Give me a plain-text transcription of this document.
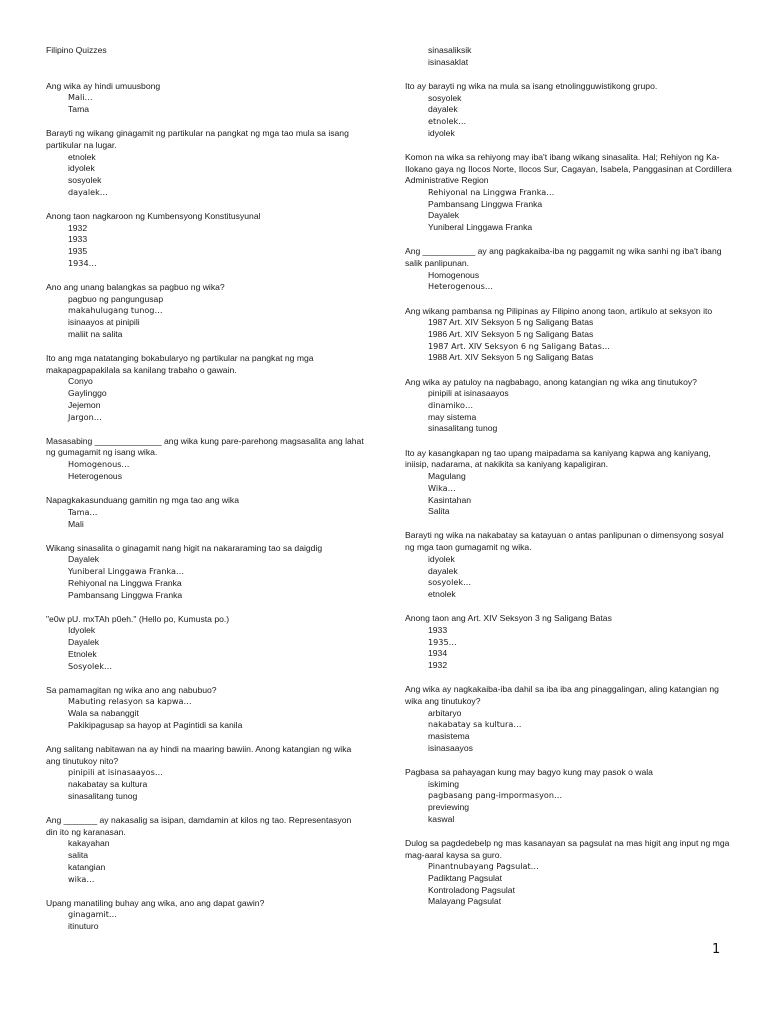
Filipino Quizzes
Ang wika ay hindi umuusbong
Mali…
Tama
Barayti ng wikang ginagamit ng partikular na pangkat ng mga tao mula sa isang partikular na lugar.
etnolek
idyolek
sosyolek
dayalek…
Anong taon nagkaroon ng Kumbensyong Konstitusyunal
1932
1933
1935
1934…
Ano ang unang balangkas sa pagbuo ng wika?
pagbuo ng pangungusap
makahulugang tunog…
isinaayos at pinipili
maliit na salita
Ito ang mga natatanging bokabularyo ng partikular na pangkat ng mga makapagpapakilala sa kanilang trabaho o gawain.
Conyo
Gaylinggo
Jejemon
Jargon…
Masasabing ______________ ang wika kung pare-parehong magsasalita ang lahat ng gumagamit ng isang wika.
Homogenous…
Heterogenous
Napagkakasunduang gamitin ng mga tao ang wika
Tama…
Mali
Wikang sinasalita o ginagamit nang higit na nakararaming tao sa daigdig
Dayalek
Yuniberal Linggawa Franka…
Rehiyonal na Linggwa Franka
Pambansang Linggwa Franka
"e0w pU. mxTAh p0eh." (Hello po, Kumusta po.)
Idyolek
Dayalek
Etnolek
Sosyolek…
Sa pamamagitan ng wika ano ang nabubuo?
Mabuting relasyon sa kapwa…
Wala sa nabanggit
Pakikipagusap sa hayop at Pagintidi sa kanila
Ang salitang nabitawan na ay hindi na maaring bawiin. Anong katangian ng wika ang tinutukoy nito?
pinipili at isinasaayos…
nakabatay sa kultura
sinasalitang tunog
Ang _______ ay nakasalig sa isipan, damdamin at kilos ng tao. Representasyon din ito ng karanasan.
kakayahan
salita
katangian
wika…
Upang manatiling buhay ang wika, ano ang dapat gawin?
ginagamit…
itinuturo
sinasaliksik
isinasaklat
Ito ay barayti ng wika na mula sa isang etnolingguwistikong grupo.
sosyolek
dayalek
etnolek…
idyolek
Komon na wika sa rehiyong may iba't ibang wikang sinasalita. Hal; Rehiyon ng Ka-Ilokano gaya ng Ilocos Norte, Ilocos Sur, Cagayan, Isabela, Panggasinan at Cordillera Administrative Region
Rehiyonal na Linggwa Franka…
Pambansang Linggwa Franka
Dayalek
Yuniberal Linggawa Franka
Ang ___________ ay ang pagkakaiba-iba ng paggamit ng wika sanhi ng iba't ibang salik panlipunan.
Homogenous
Heterogenous…
Ang wikang pambansa ng Pilipinas ay Filipino anong taon, artikulo at seksyon ito
1987 Art. XIV Seksyon 5 ng Saligang Batas
1986 Art. XIV Seksyon 5 ng Saligang Batas
1987 Art. XIV Seksyon 6 ng Saligang Batas…
1988 Art. XIV Seksyon 5 ng Saligang Batas
Ang wika ay patuloy na nagbabago, anong katangian ng wika ang tinutukoy?
pinipili at isinasaayos
dinamiko…
may sistema
sinasalitang tunog
Ito ay kasangkapan ng tao upang maipadama sa kaniyang kapwa ang kaniyang, iniisip, nadarama, at nakikita sa kaniyang kapaligiran.
Magulang
Wika…
Kasintahan
Salita
Barayti ng wika na nakabatay sa katayuan o antas panlipunan o dimensyong sosyal ng mga taon gumagamit ng wika.
idyolek
dayalek
sosyolek…
etnolek
Anong taon ang Art. XIV Seksyon 3 ng Saligang Batas
1933
1935…
1934
1932
Ang wika ay nagkakaiba-iba dahil sa iba iba ang pinaggalingan, aling katangian ng wika ang tinutukoy?
arbitaryo
nakabatay sa kultura…
masistema
isinasaayos
Pagbasa sa pahayagan kung may bagyo kung may pasok o wala
iskiming
pagbasang pang-impormasyon…
previewing
kaswal
Dulog sa pagdedebelp ng mas kasanayan sa pagsulat na mas higit ang input ng mga mag-aaral kaysa sa guro.
Pinantnubayang Pagsulat…
Padiktang Pagsulat
Kontroladong Pagsulat
Malayang Pagsulat
1
